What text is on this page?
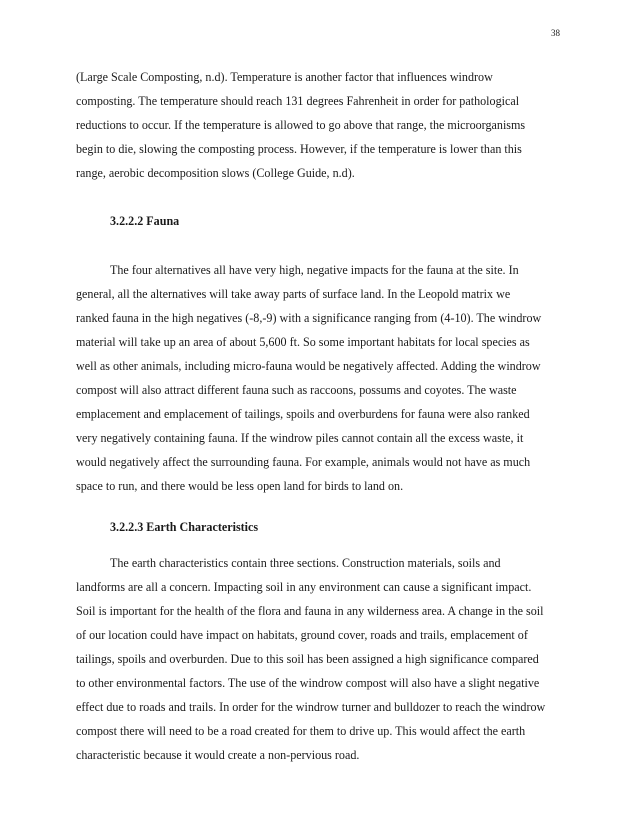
38

(Large Scale Composting, n.d). Temperature is another factor that influences windrow
composting. The temperature should reach 131 degrees Fahrenheit in order for pathological
reductions to occur. If the temperature is allowed to go above that range, the microorganisms
begin to die, slowing the composting process. However, if the temperature is lower than this
range, aerobic decomposition slows (College Guide, n.d).

3.2.2.2 Fauna

The four alternatives all have very high, negative impacts for the fauna at the site. In
general, all the alternatives will take away parts of surface land. In the Leopold matrix we
ranked fauna in the high negatives (-8,-9) with a significance ranging from (4-10). The windrow
material will take up an area of about 5,600 ft. So some important habitats for local species as
well as other animals, including micro-fauna would be negatively affected. Adding the windrow
compost will also attract different fauna such as raccoons, possums and coyotes. The waste
emplacement and emplacement of tailings, spoils and overburdens for fauna were also ranked
very negatively containing fauna. If the windrow piles cannot contain all the excess waste, it
would negatively affect the surrounding fauna. For example, animals would not have as much
space to run, and there would be less open land for birds to land on.

3.2.2.3 Earth Characteristics

The earth characteristics contain three sections. Construction materials, soils and
landforms are all a concern. Impacting soil in any environment can cause a significant impact.
Soil is important for the health of the flora and fauna in any wilderness area. A change in the soil
of our location could have impact on habitats, ground cover, roads and trails, emplacement of
tailings, spoils and overburden. Due to this soil has been assigned a high significance compared
to other environmental factors. The use of the windrow compost will also have a slight negative
effect due to roads and trails. In order for the windrow turner and bulldozer to reach the windrow
compost there will need to be a road created for them to drive up. This would affect the earth
characteristic because it would create a non-pervious road.
